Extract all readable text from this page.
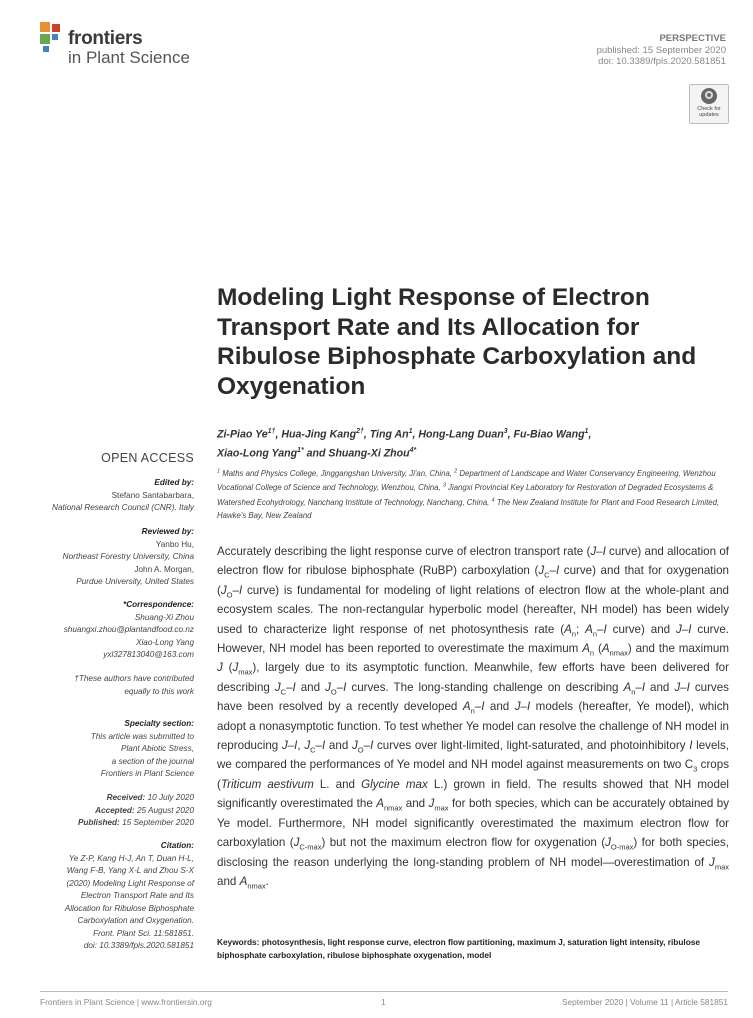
frontiers
in Plant Science
PERSPECTIVE
published: 15 September 2020
doi: 10.3389/fpls.2020.581851
Check for updates
Modeling Light Response of Electron Transport Rate and Its Allocation for Ribulose Biphosphate Carboxylation and Oxygenation
Zi-Piao $Ye^{1\dagger}$, Hua-Jing Kang$^{2\dagger}$, Ting An$^1$, Hong-Lang Duan$^3$, Fu-Biao Wang$^1$,
Xiao-Long Yang$^{1*}$ and Shuang-Xi Zhou$^{4*}$
$^1$ Maths and Physics College, Jinggangshan University, Ji'an, China, $^2$ Department of Landscape and Water Conservancy Engineering, Wenzhou Vocational College of Science and Technology, Wenzhou, China, $^3$ Jiangxi Provincial Key Laboratory for Restoration of Degraded Ecosystems & Watershed Ecohydrology, Nanchang Institute of Technology, Nanchang, China, $^4$ The New Zealand Institute for Plant and Food Research Limited, Hawke's Bay, New Zealand
OPEN ACCESS
Edited by:
Stefano Santabarbara,
National Research Council (CNR), Italy
Reviewed by:
Yanbo Hu,
Northeast Forestry University, China
John A. Morgan,
Purdue University, United States
*Correspondence:
Shuang-Xi Zhou
shuangxi.zhou@plantandfood.co.nz
Xiao-Long Yang
yxl327813040@163.com
†These authors have contributed
equally to this work
Specialty section:
This article was submitted to
Plant Abiotic Stress,
a section of the journal
Frontiers in Plant Science
Received: 10 July 2020
Accepted: 25 August 2020
Published: 15 September 2020
Citation:
Ye Z-P, Kang H-J, An T, Duan H-L,
Wang F-B, Yang X-L and Zhou S-X
(2020) Modeling Light Response of
Electron Transport Rate and Its
Allocation for Ribulose Biphosphate
Carboxylation and Oxygenation.
Front. Plant Sci. 11:581851.
doi: 10.3389/fpls.2020.581851
Accurately describing the light response curve of electron transport rate (J–I curve) and allocation of electron flow for ribulose biphosphate (RuBP) carboxylation ($J_C-I$ curve) and that for oxygenation ($J_O-I$ curve) is fundamental for modeling of light relations of electron flow at the whole-plant and ecosystem scales. The non-rectangular hyperbolic model (hereafter, NH model) has been widely used to characterize light response of net photosynthesis rate ($A_n$; $A_n-I$ curve) and J–I curve. However, NH model has been reported to overestimate the maximum $A_n$ $(A_{nmax})$ and the maximum J $(J_{max})$, largely due to its asymptotic function. Meanwhile, few efforts have been delivered for describing $J_C-I$ and $J_O-I$ curves. The long-standing challenge on describing $A_n-I$ and J–I curves have been resolved by a recently developed $A_n-I$ and J–I models (hereafter, Ye model), which adopt a nonasymptotic function. To test whether Ye model can resolve the challenge of NH model in reproducing J–I, $J_C-I$ and $J_O-I$ curves over light-limited, light-saturated, and photoinhibitory I levels, we compared the performances of Ye model and NH model against measurements on two $C_3$ crops (Triticum aestivum L. and Glycine max L.) grown in field. The results showed that NH model significantly overestimated the $A_{nmax}$ and $J_{max}$ for both species, which can be accurately obtained by Ye model. Furthermore, NH model significantly overestimated the maximum electron flow for carboxylation $(J_{C-max})$ but not the maximum electron flow for oxygenation $(J_{O-max})$ for both species, disclosing the reason underlying the long-standing problem of NH model—overestimation of $J_{max}$ and $A_{nmax}$.
Keywords: photosynthesis, light response curve, electron flow partitioning, maximum J, saturation light intensity, ribulose biphosphate carboxylation, ribulose biphosphate oxygenation, model
Frontiers in Plant Science | www.frontiersin.org	1	September 2020 | Volume 11 | Article 581851
